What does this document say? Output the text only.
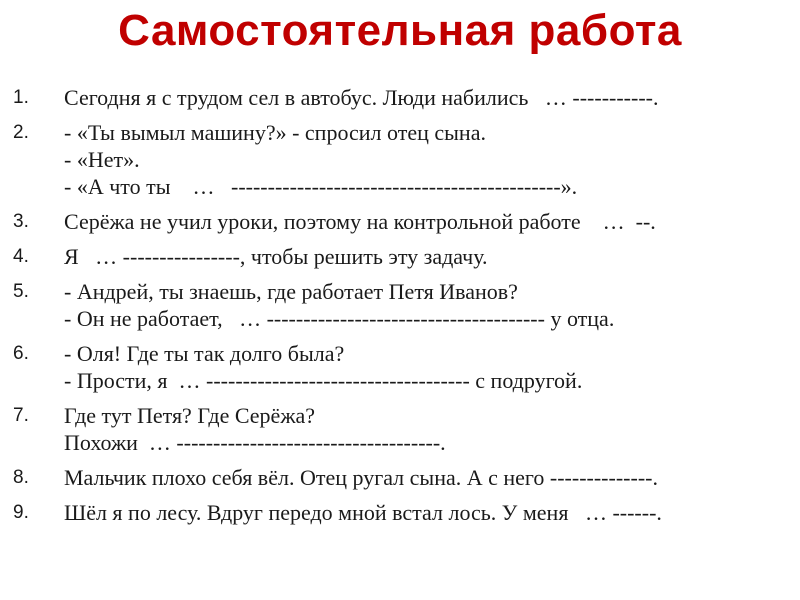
Самостоятельная работа
1. Сегодня я с трудом сел в автобус. Люди набились   … -----------.
2. - «Ты вымыл машину?» - спросил отец сына.
- «Нет».
- «А что ты    …   ---------------------------------------------».
3. Серёжа не учил уроки, поэтому на контрольной работе    …  --.
4. Я   … ----------------, чтобы решить эту задачу.
5. - Андрей, ты знаешь, где работает Петя Иванов?
- Он не работает,   … -------------------------------------- у отца.
6. - Оля! Где ты так долго была?
- Прости, я  … ------------------------------------ с подругой.
7. Где тут Петя? Где Серёжа?
Похожи  … ------------------------------------.
8. Мальчик плохо себя вёл. Отец ругал сына. А с него --------------.
9. Шёл я по лесу. Вдруг передо мной встал лось. У меня   … ------.
